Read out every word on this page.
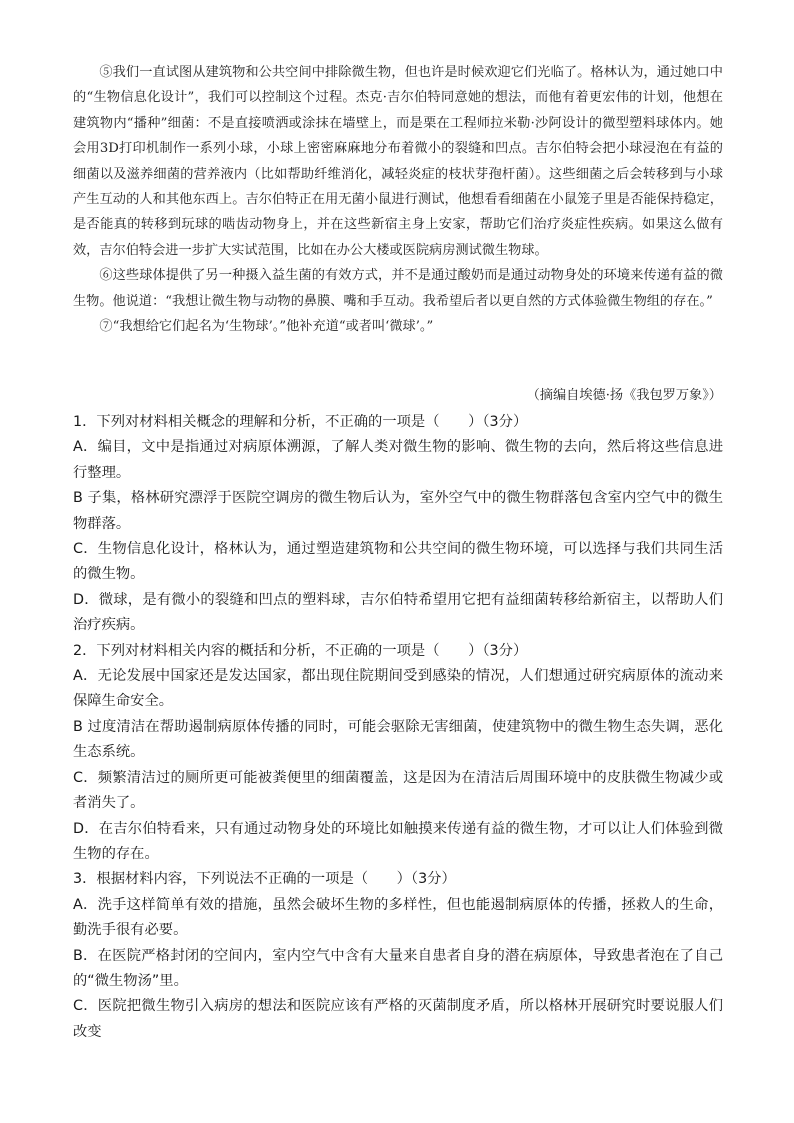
⑤我们一直试图从建筑物和公共空间中排除微生物，但也许是时候欢迎它们光临了。格林认为，通过她口中的“生物信息化设计”，我们可以控制这个过程。杰克·吉尔伯特同意她的想法，而他有着更宏伟的计划，他想在建筑物内“播种”细菌：不是直接喷洒或涂抹在墙壁上，而是栗在工程师拉米勒·沙阿设计的微型塑料球体内。她会用3D打印机制作一系列小球，小球上密密麻麻地分布着微小的裂缝和凹点。吉尔伯特会把小球浸泡在有益的细菌以及滋养细菌的营养液内（比如帮助纤维消化，减轻炎症的枝状芽孢杆菌）。这些细菌之后会转移到与小球产生互动的人和其他东西上。吉尔伯特正在用无菌小鼠进行测试，他想看看细菌在小鼠笼子里是否能保持稳定，是否能真的转移到玩球的啮齿动物身上，并在这些新宿主身上安家，帮助它们治疗炎症性疾病。如果这么做有效，吉尔伯特会进一步扩大实试范围，比如在办公大楼或医院病房测试微生物球。

⑥这些球体提供了另一种摄入益生菌的有效方式，并不是通过酸奶而是通过动物身处的环境来传递有益的微生物。他说道：“我想让微生物与动物的鼻膜、嘴和手互动。我希望后者以更自然的方式体验微生物组的存在。”

⑦“我想给它们起名为‘生物球’。”他补充道“或者叫‘微球’。”

（摘编自埃德·扬《我包罗万象》）

1．下列对材料相关概念的理解和分析，不正确的一项是（　　）（3分）

A．编目，文中是指通过对病原体溯源，了解人类对微生物的影响、微生物的去向，然后将这些信息进行整理。

B 子集，格林研究漂浮于医院空调房的微生物后认为，室外空气中的微生物群落包含室内空气中的微生物群落。

C．生物信息化设计，格林认为，通过塑造建筑物和公共空间的微生物环境，可以选择与我们共同生活的微生物。

D．微球，是有微小的裂缝和凹点的塑料球，吉尔伯特希望用它把有益细菌转移给新宿主，以帮助人们治疗疾病。

2．下列对材料相关内容的概括和分析，不正确的一项是（　　）（3分）

A．无论发展中国家还是发达国家，都出现住院期间受到感染的情况，人们想通过研究病原体的流动来保障生命安全。

B 过度清洁在帮助遏制病原体传播的同时，可能会驱除无害细菌，使建筑物中的微生物生态失调，恶化生态系统。

C．频繁清洁过的厕所更可能被粪便里的细菌覆盖，这是因为在清洁后周围环境中的皮肤微生物减少或者消失了。

D．在吉尔伯特看来，只有通过动物身处的环境比如触摸来传递有益的微生物，才可以让人们体验到微生物的存在。

3．根据材料内容，下列说法不正确的一项是（　　）（3分）

A．洗手这样简单有效的措施，虽然会破坏生物的多样性，但也能遏制病原体的传播，拯救人的生命，勤洗手很有必要。

B．在医院严格封闭的空间内，室内空气中含有大量来自患者自身的潜在病原体，导致患者泡在了自己的“微生物汤”里。

C．医院把微生物引入病房的想法和医院应该有严格的灭菌制度矛盾，所以格林开展研究时要说服人们改变
